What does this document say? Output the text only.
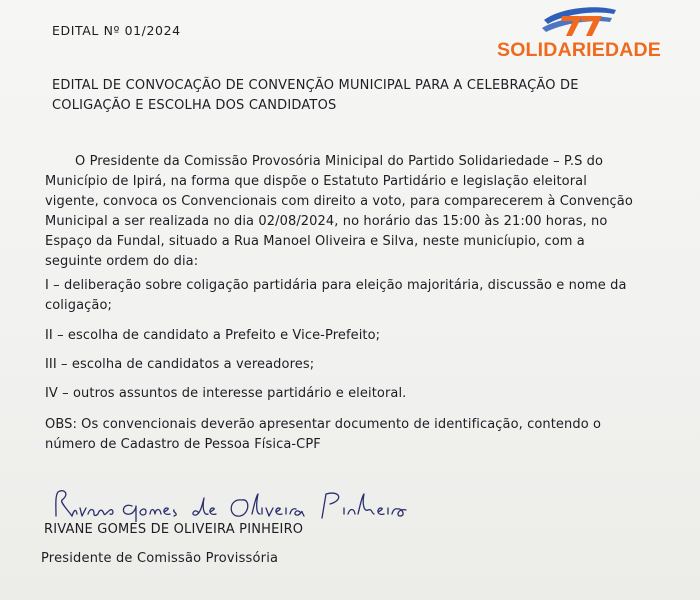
EDITAL Nº 01/2024
SOLIDARIEDADE
EDITAL DE CONVOCAÇÃO DE CONVENÇÃO MUNICIPAL PARA A CELEBRAÇÃO DE
COLIGAÇÃO E ESCOLHA DOS CANDIDATOS
O Presidente da Comissão Provosória Minicipal do Partido Solidariedade – P.S do
Município de Ipirá, na forma que dispõe o Estatuto Partidário e legislação eleitoral
vigente, convoca os Convencionais com direito a voto, para comparecerem à Convenção
Municipal a ser realizada no dia 02/08/2024, no horário das 15:00 às 21:00 horas, no
Espaço da Fundal, situado a Rua Manoel Oliveira e Silva, neste municíupio, com a
seguinte ordem do dia:
I – deliberação sobre coligação partidária para eleição majoritária, discussão e nome da
coligação;
II – escolha de candidato a Prefeito e Vice-Prefeito;
III – escolha de candidatos a vereadores;
IV – outros assuntos de interesse partidário e eleitoral.
OBS: Os convencionais deverão apresentar documento de identificação, contendo o
número de Cadastro de Pessoa Física-CPF
RIVANE GOMES DE OLIVEIRA PINHEIRO
Presidente de Comissão Provissória
